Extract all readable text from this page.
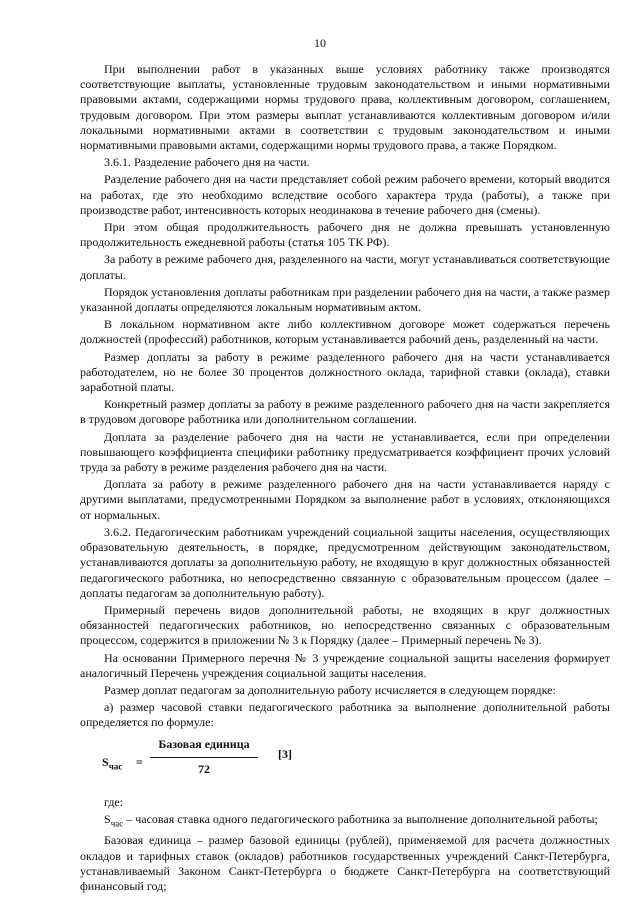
10

При выполнении работ в указанных выше условиях работнику также производятся соответствующие выплаты, установленные трудовым законодательством и иными нормативными правовыми актами, содержащими нормы трудового права, коллективным договором, соглашением, трудовым договором. При этом размеры выплат устанавливаются коллективным договором и/или локальными нормативными актами в соответствии с трудовым законодательством и иными нормативными правовыми актами, содержащими нормы трудового права, а также Порядком.

3.6.1. Разделение рабочего дня на части.

Разделение рабочего дня на части представляет собой режим рабочего времени, который вводится на работах, где это необходимо вследствие особого характера труда (работы), а также при производстве работ, интенсивность которых неодинакова в течение рабочего дня (смены).

При этом общая продолжительность рабочего дня не должна превышать установленную продолжительность ежедневной работы (статья 105 ТК РФ).

За работу в режиме рабочего дня, разделенного на части, могут устанавливаться соответствующие доплаты.

Порядок установления доплаты работникам при разделении рабочего дня на части, а также размер указанной доплаты определяются локальным нормативным актом.

В локальном нормативном акте либо коллективном договоре может содержаться перечень должностей (профессий) работников, которым устанавливается рабочий день, разделенный на части.

Размер доплаты за работу в режиме разделенного рабочего дня на части устанавливается работодателем, но не более 30 процентов должностного оклада, тарифной ставки (оклада), ставки заработной платы.

Конкретный размер доплаты за работу в режиме разделенного рабочего дня на части закрепляется в трудовом договоре работника или дополнительном соглашении.

Доплата за разделение рабочего дня на части не устанавливается, если при определении повышающего коэффициента специфики работнику предусматривается коэффициент прочих условий труда за работу в режиме разделения рабочего дня на части.

Доплата за работу в режиме разделенного рабочего дня на части устанавливается наряду с другими выплатами, предусмотренными Порядком за выполнение работ в условиях, отклоняющихся от нормальных.

3.6.2. Педагогическим работникам учреждений социальной защиты населения, осуществляющих образовательную деятельность, в порядке, предусмотренном действующим законодательством, устанавливаются доплаты за дополнительную работу, не входящую в круг должностных обязанностей педагогического работника, но непосредственно связанную с образовательным процессом (далее – доплаты педагогам за дополнительную работу).

Примерный перечень видов дополнительной работы, не входящих в круг должностных обязанностей педагогических работников, но непосредственно связанных с образовательным процессом, содержится в приложении № 3 к Порядку (далее – Примерный перечень № 3).

На основании Примерного перечня № 3 учреждение социальной защиты населения формирует аналогичный Перечень учреждения социальной защиты населения.

Размер доплат педагогам за дополнительную работу исчисляется в следующем порядке:

а) размер часовой ставки педагогического работника за выполнение дополнительной работы определяется по формуле:

$S_{час}$ =
Базовая единица
72
[3]

где:

$S_{час}$ – часовая ставка одного педагогического работника за выполнение дополнительной работы;

Базовая единица – размер базовой единицы (рублей), применяемой для расчета должностных окладов и тарифных ставок (окладов) работников государственных учреждений Санкт-Петербурга, устанавливаемый Законом Санкт-Петербурга о бюджете Санкт-Петербурга на соответствующий финансовый год;
